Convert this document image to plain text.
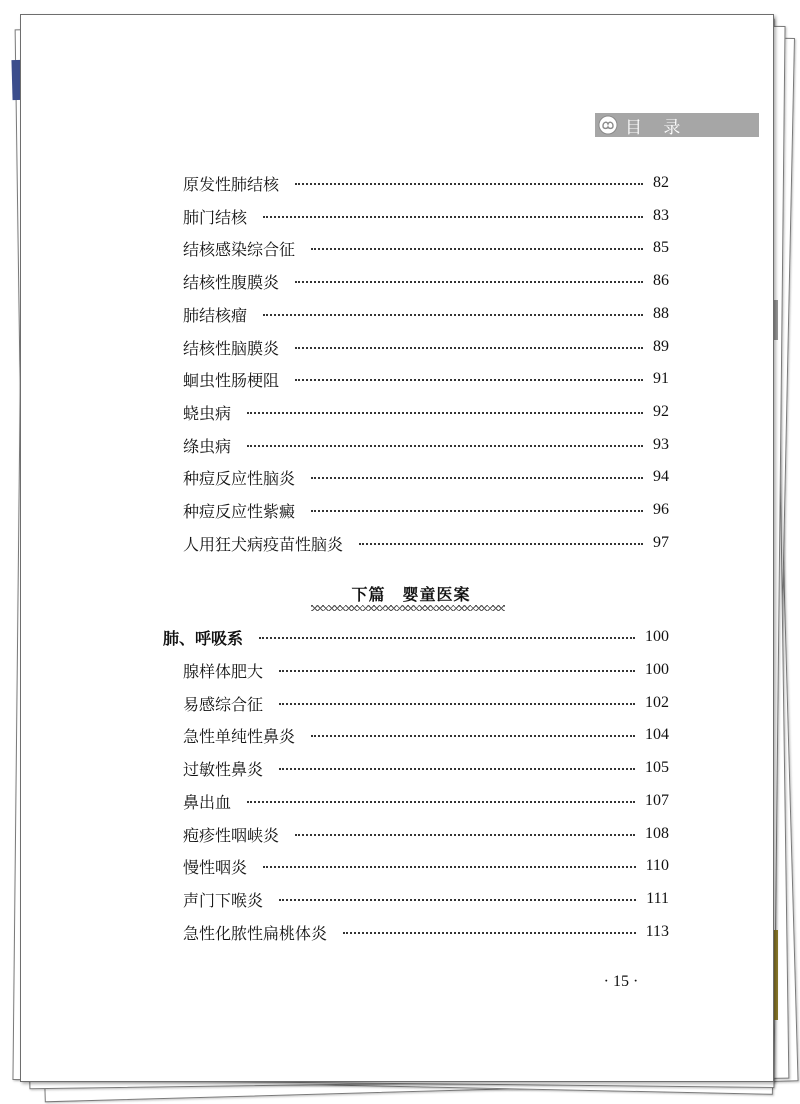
目 录
原发性肺结核	82
肺门结核	83
结核感染综合征	85
结核性腹膜炎	86
肺结核瘤	88
结核性脑膜炎	89
蛔虫性肠梗阻	91
蛲虫病	92
绦虫病	93
种痘反应性脑炎	94
种痘反应性紫癜	96
人用狂犬病疫苗性脑炎	97
肺、呼吸系	100
腺样体肥大	100
易感综合征	102
急性单纯性鼻炎	104
过敏性鼻炎	105
鼻出血	107
疱疹性咽峡炎	108
慢性咽炎	110
声门下喉炎	111
急性化脓性扁桃体炎	113
下篇　婴童医案
· 15 ·
